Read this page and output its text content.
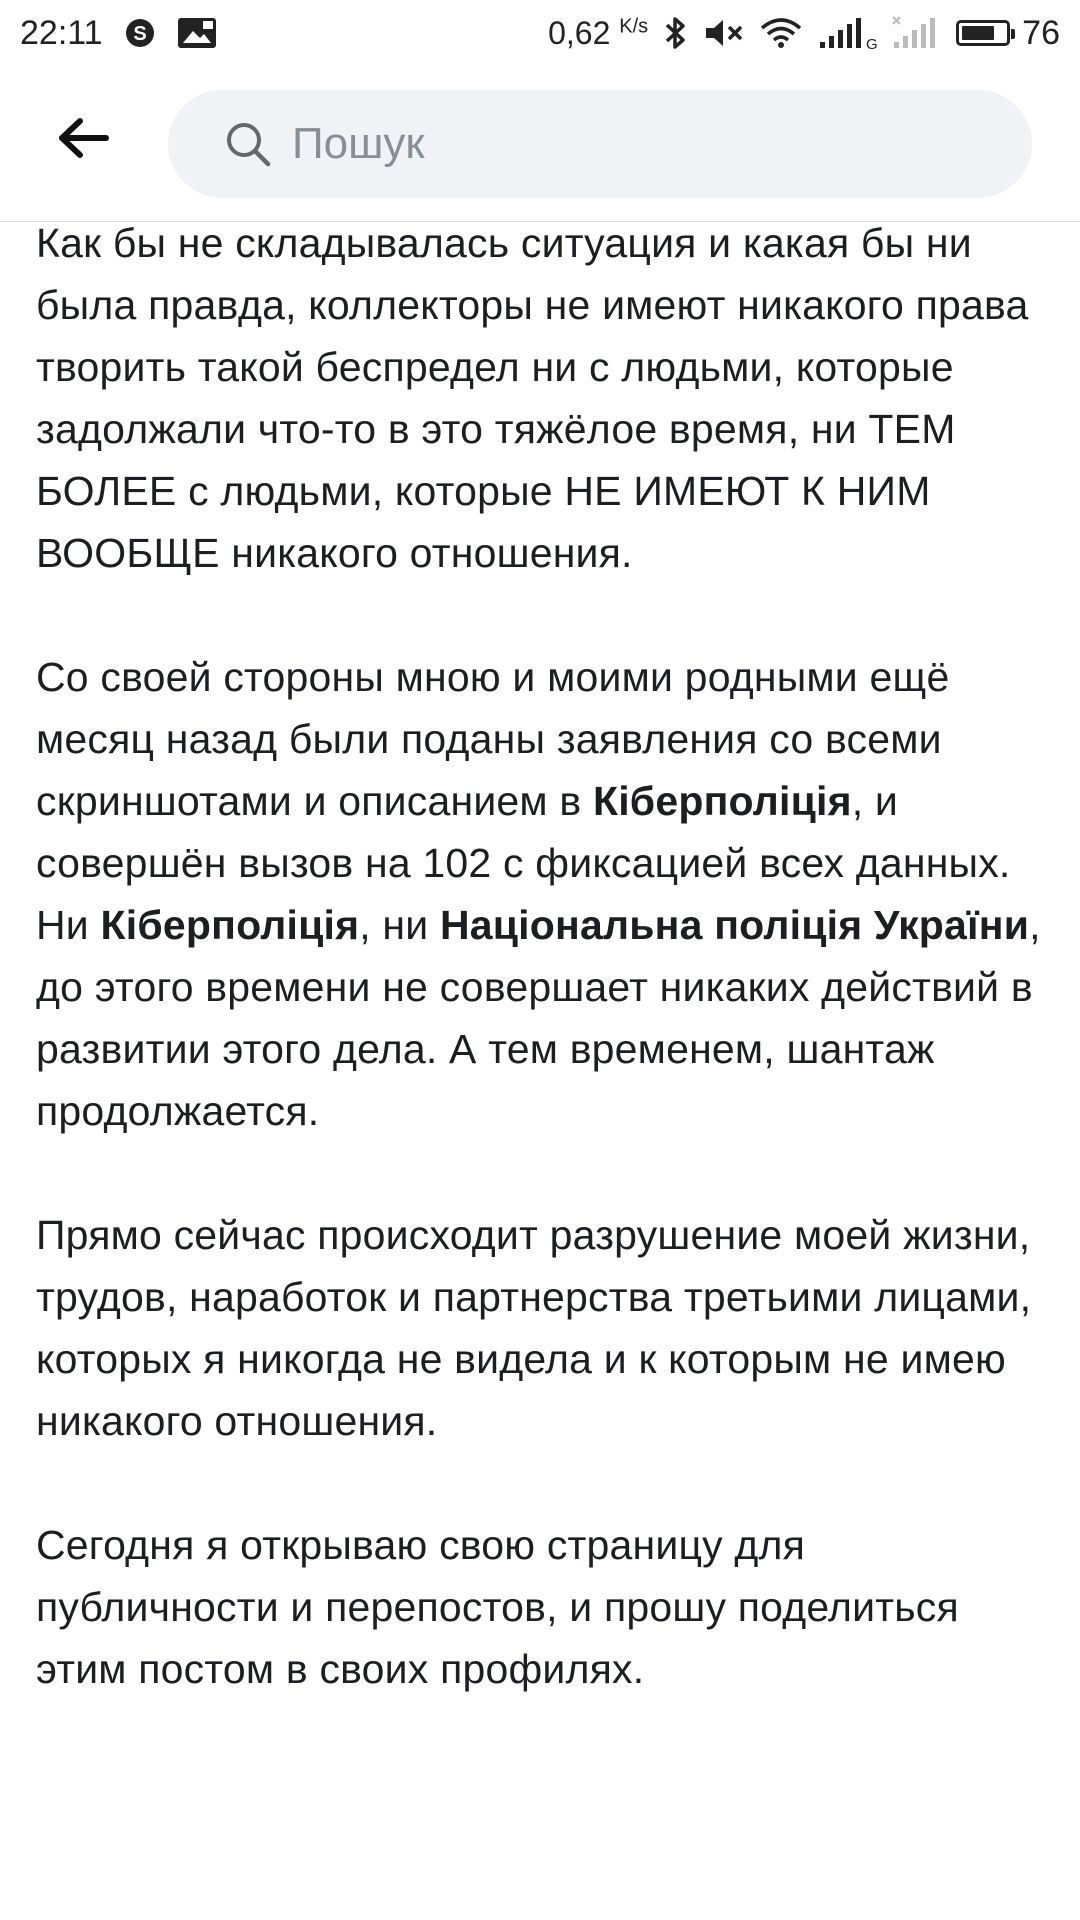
22:11 S	0,62 $^{K/s}$
G	76
Пошук

Как бы не складывалась ситуация и какая бы ни была правда, коллекторы не имеют никакого права творить такой беспредел ни с людьми, которые задолжали что-то в это тяжёлое время, ни ТЕМ БОЛЕЕ с людьми, которые НЕ ИМЕЮТ К НИМ ВООБЩЕ никакого отношения.

Со своей стороны мною и моими родными ещё месяц назад были поданы заявления со всеми скриншотами и описанием в Кіберполіція, и совершён вызов на 102 с фиксацией всех данных. Ни Кіберполіція, ни Національна поліція України, до этого времени не совершает никаких действий в развитии этого дела. А тем временем, шантаж продолжается.

Прямо сейчас происходит разрушение моей жизни, трудов, наработок и партнерства третьими лицами, которых я никогда не видела и к которым не имею никакого отношения.

Сегодня я открываю свою страницу для публичности и перепостов, и прошу поделиться этим постом в своих профилях.
